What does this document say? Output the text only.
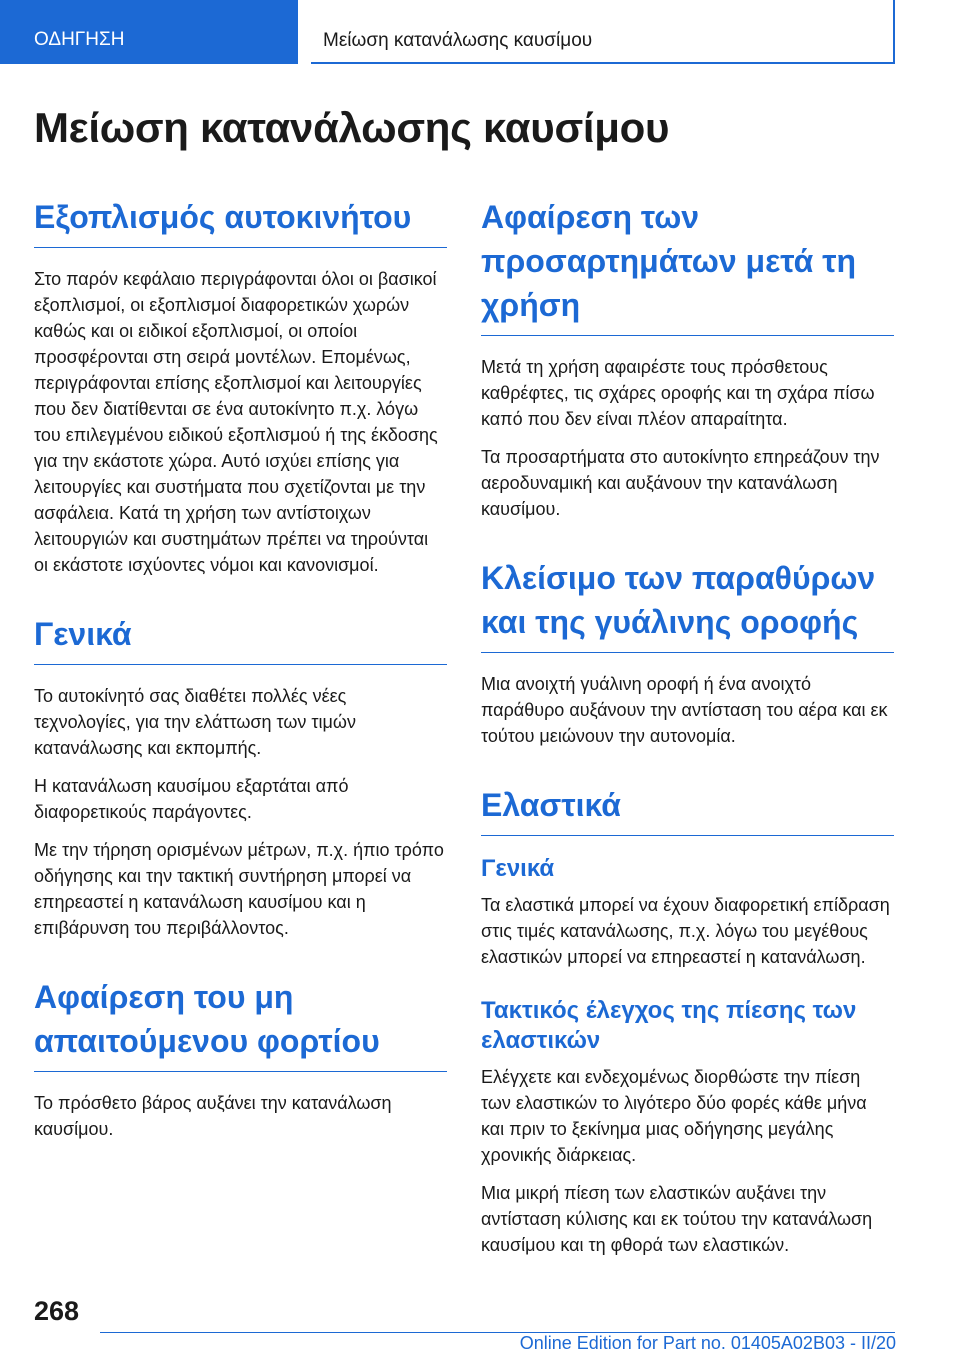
ΟΔΗΓΗΣΗ	Μείωση κατανάλωσης καυσίμου
Μείωση κατανάλωσης καυσίμου
Εξοπλισμός αυτοκινήτου

Στο παρόν κεφάλαιο περιγράφονται όλοι οι βασικοί εξοπλισμοί, οι εξοπλισμοί διαφορετικών χωρών καθώς και οι ειδικοί εξοπλισμοί, οι οποίοι προσφέρονται στη σειρά μοντέλων. Επομένως, περιγράφονται επίσης εξοπλισμοί και λειτουργίες που δεν διατίθενται σε ένα αυτοκίνητο π.χ. λόγω του επιλεγμένου ειδικού εξοπλισμού ή της έκδοσης για την εκάστοτε χώρα. Αυτό ισχύει επίσης για λειτουργίες και συστήματα που σχετίζονται με την ασφάλεια. Κατά τη χρήση των αντίστοιχων λειτουργιών και συστημάτων πρέπει να τηρούνται οι εκάστοτε ισχύοντες νόμοι και κανονισμοί.

Γενικά

Το αυτοκίνητό σας διαθέτει πολλές νέες τεχνολογίες, για την ελάττωση των τιμών κατανάλωσης και εκπομπής.

Η κατανάλωση καυσίμου εξαρτάται από διαφορετικούς παράγοντες.

Με την τήρηση ορισμένων μέτρων, π.χ. ήπιο τρόπο οδήγησης και την τακτική συντήρηση μπορεί να επηρεαστεί η κατανάλωση καυσίμου και η επιβάρυνση του περιβάλλοντος.

Αφαίρεση του μη απαιτούμενου φορτίου

Το πρόσθετο βάρος αυξάνει την κατανάλωση καυσίμου.

Αφαίρεση των προσαρτημάτων μετά τη χρήση

Μετά τη χρήση αφαιρέστε τους πρόσθετους καθρέφτες, τις σχάρες οροφής και τη σχάρα πίσω καπό που δεν είναι πλέον απαραίτητα.

Τα προσαρτήματα στο αυτοκίνητο επηρεάζουν την αεροδυναμική και αυξάνουν την κατανάλωση καυσίμου.

Κλείσιμο των παραθύρων και της γυάλινης οροφής

Μια ανοιχτή γυάλινη οροφή ή ένα ανοιχτό παράθυρο αυξάνουν την αντίσταση του αέρα και εκ τούτου μειώνουν την αυτονομία.

Ελαστικά
Γενικά

Τα ελαστικά μπορεί να έχουν διαφορετική επίδραση στις τιμές κατανάλωσης, π.χ. λόγω του μεγέθους ελαστικών μπορεί να επηρεαστεί η κατανάλωση.

Τακτικός έλεγχος της πίεσης των ελαστικών

Ελέγχετε και ενδεχομένως διορθώστε την πίεση των ελαστικών το λιγότερο δύο φορές κάθε μήνα και πριν το ξεκίνημα μιας οδήγησης μεγάλης χρονικής διάρκειας.

Μια μικρή πίεση των ελαστικών αυξάνει την αντίσταση κύλισης και εκ τούτου την κατανάλωση καυσίμου και τη φθορά των ελαστικών.

268
Online Edition for Part no. 01405A02B03 - II/20
